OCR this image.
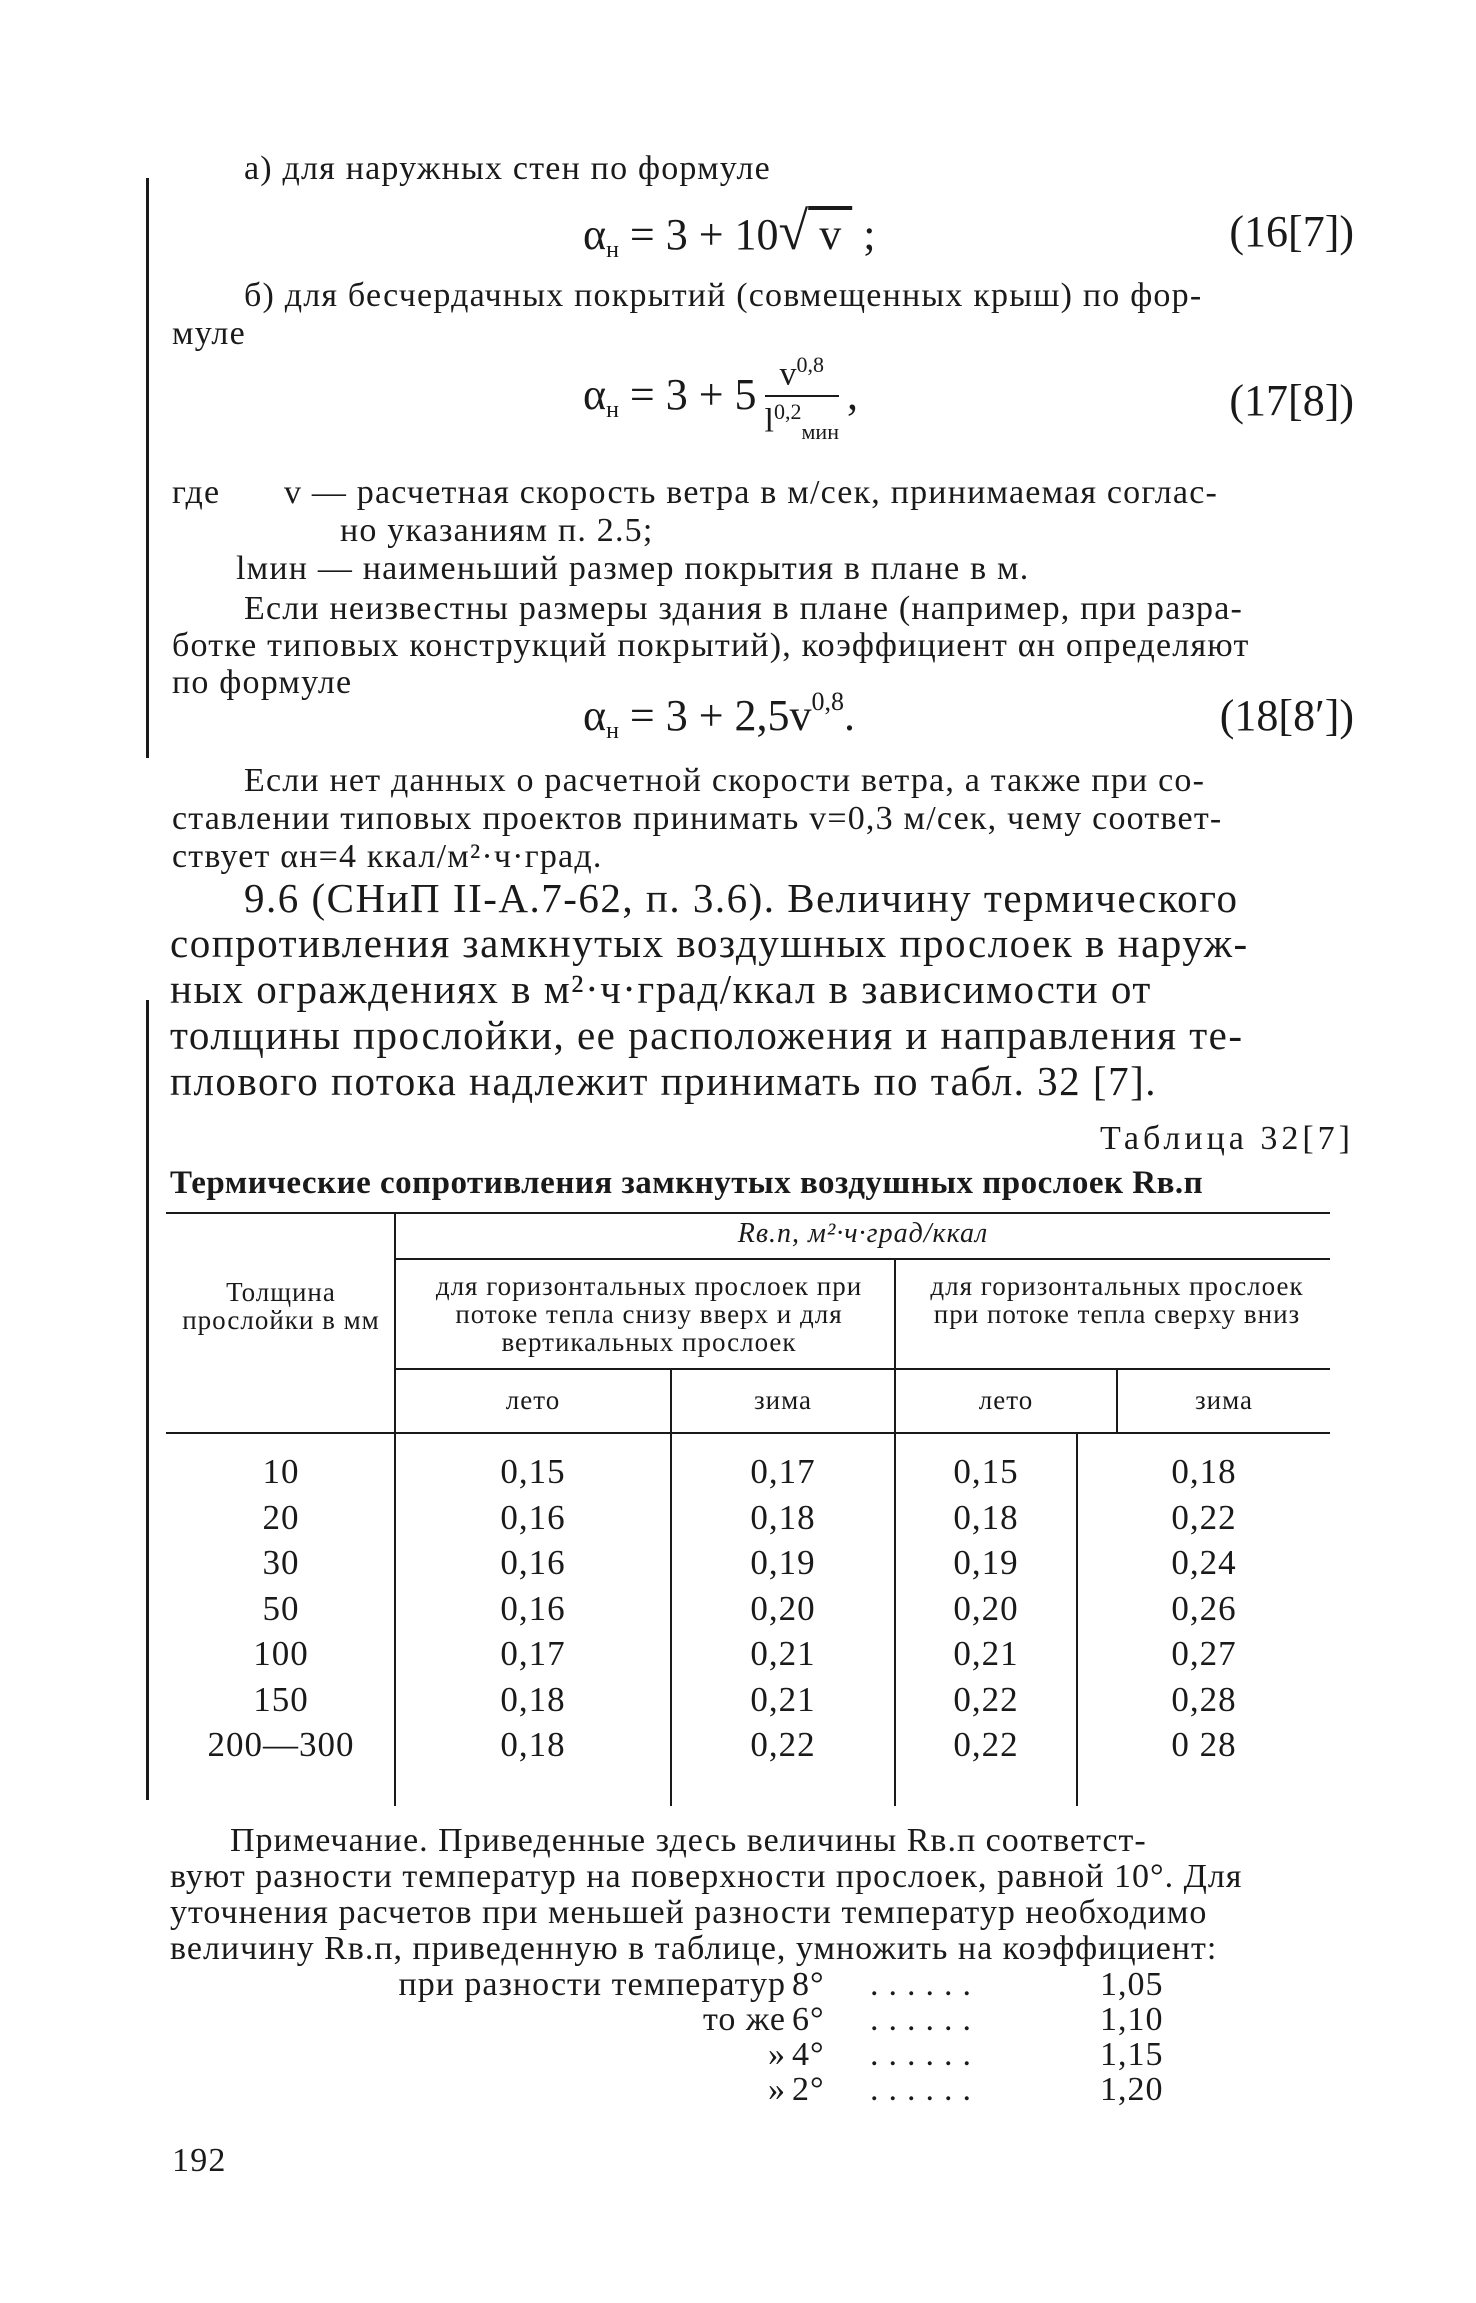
а) для наружных стен по формуле
αн = 3 + 10√ v  ;	(16[7])
б) для бесчердачных покрытий (совмещенных крыш) по фор-
муле
$\alpha н = 3 + 5 \frac{v^{0,8}}{l^{0,2}_{мин}}$ ,	(17[8])
где v — расчетная скорость ветра в м/сек, принимаемая соглас-
но указаниям п. 2.5;
lмин — наименьший размер покрытия в плане в м.
Если неизвестны размеры здания в плане (например, при разра-
ботке типовых конструкций покрытий), коэффициент αн определяют
по формуле
$\alpha н = 3 + 2,5v^{0,8}$.	(18[8′])
Если нет данных о расчетной скорости ветра, а также при со-
ставлении типовых проектов принимать v=0,3 м/сек, чему соответ-
ствует αн=4 ккал/м²·ч·град.
9.6 (СНиП II-А.7-62, п. 3.6). Величину термического
сопротивления замкнутых воздушных прослоек в наруж-
ных ограждениях в м²·ч·град/ккал в зависимости от
толщины прослойки, ее расположения и направления те-
плового потока надлежит принимать по табл. 32 [7].
Таблица 32[7]
Термические сопротивления замкнутых воздушных прослоек Rв.п
Толщина прослойки в мм
Rв.п, м²·ч·град/ккал
для горизонтальных прослоек при потоке тепла снизу вверх и для вертикальных прослоек
для горизонтальных прослоек при потоке тепла сверху вниз
лето	зима	лето	зима
10	0,15	0,17	0,15	0,18
20	0,16	0,18	0,18	0,22
30	0,16	0,19	0,19	0,24
50	0,16	0,20	0,20	0,26
100	0,17	0,21	0,21	0,27
150	0,18	0,21	0,22	0,28
200—300	0,18	0,22	0,22	0 28
Примечание. Приведенные здесь величины Rв.п соответст-
вуют разности температур на поверхности прослоек, равной 10°. Для
уточнения расчетов при меньшей разности температур необходимо
величину Rв.п, приведенную в таблице, умножить на коэффициент:
при разности температур 8° ......	1,05
то же 6° ......	1,10
» 4° ......	1,15
» 2° ......	1,20
192
